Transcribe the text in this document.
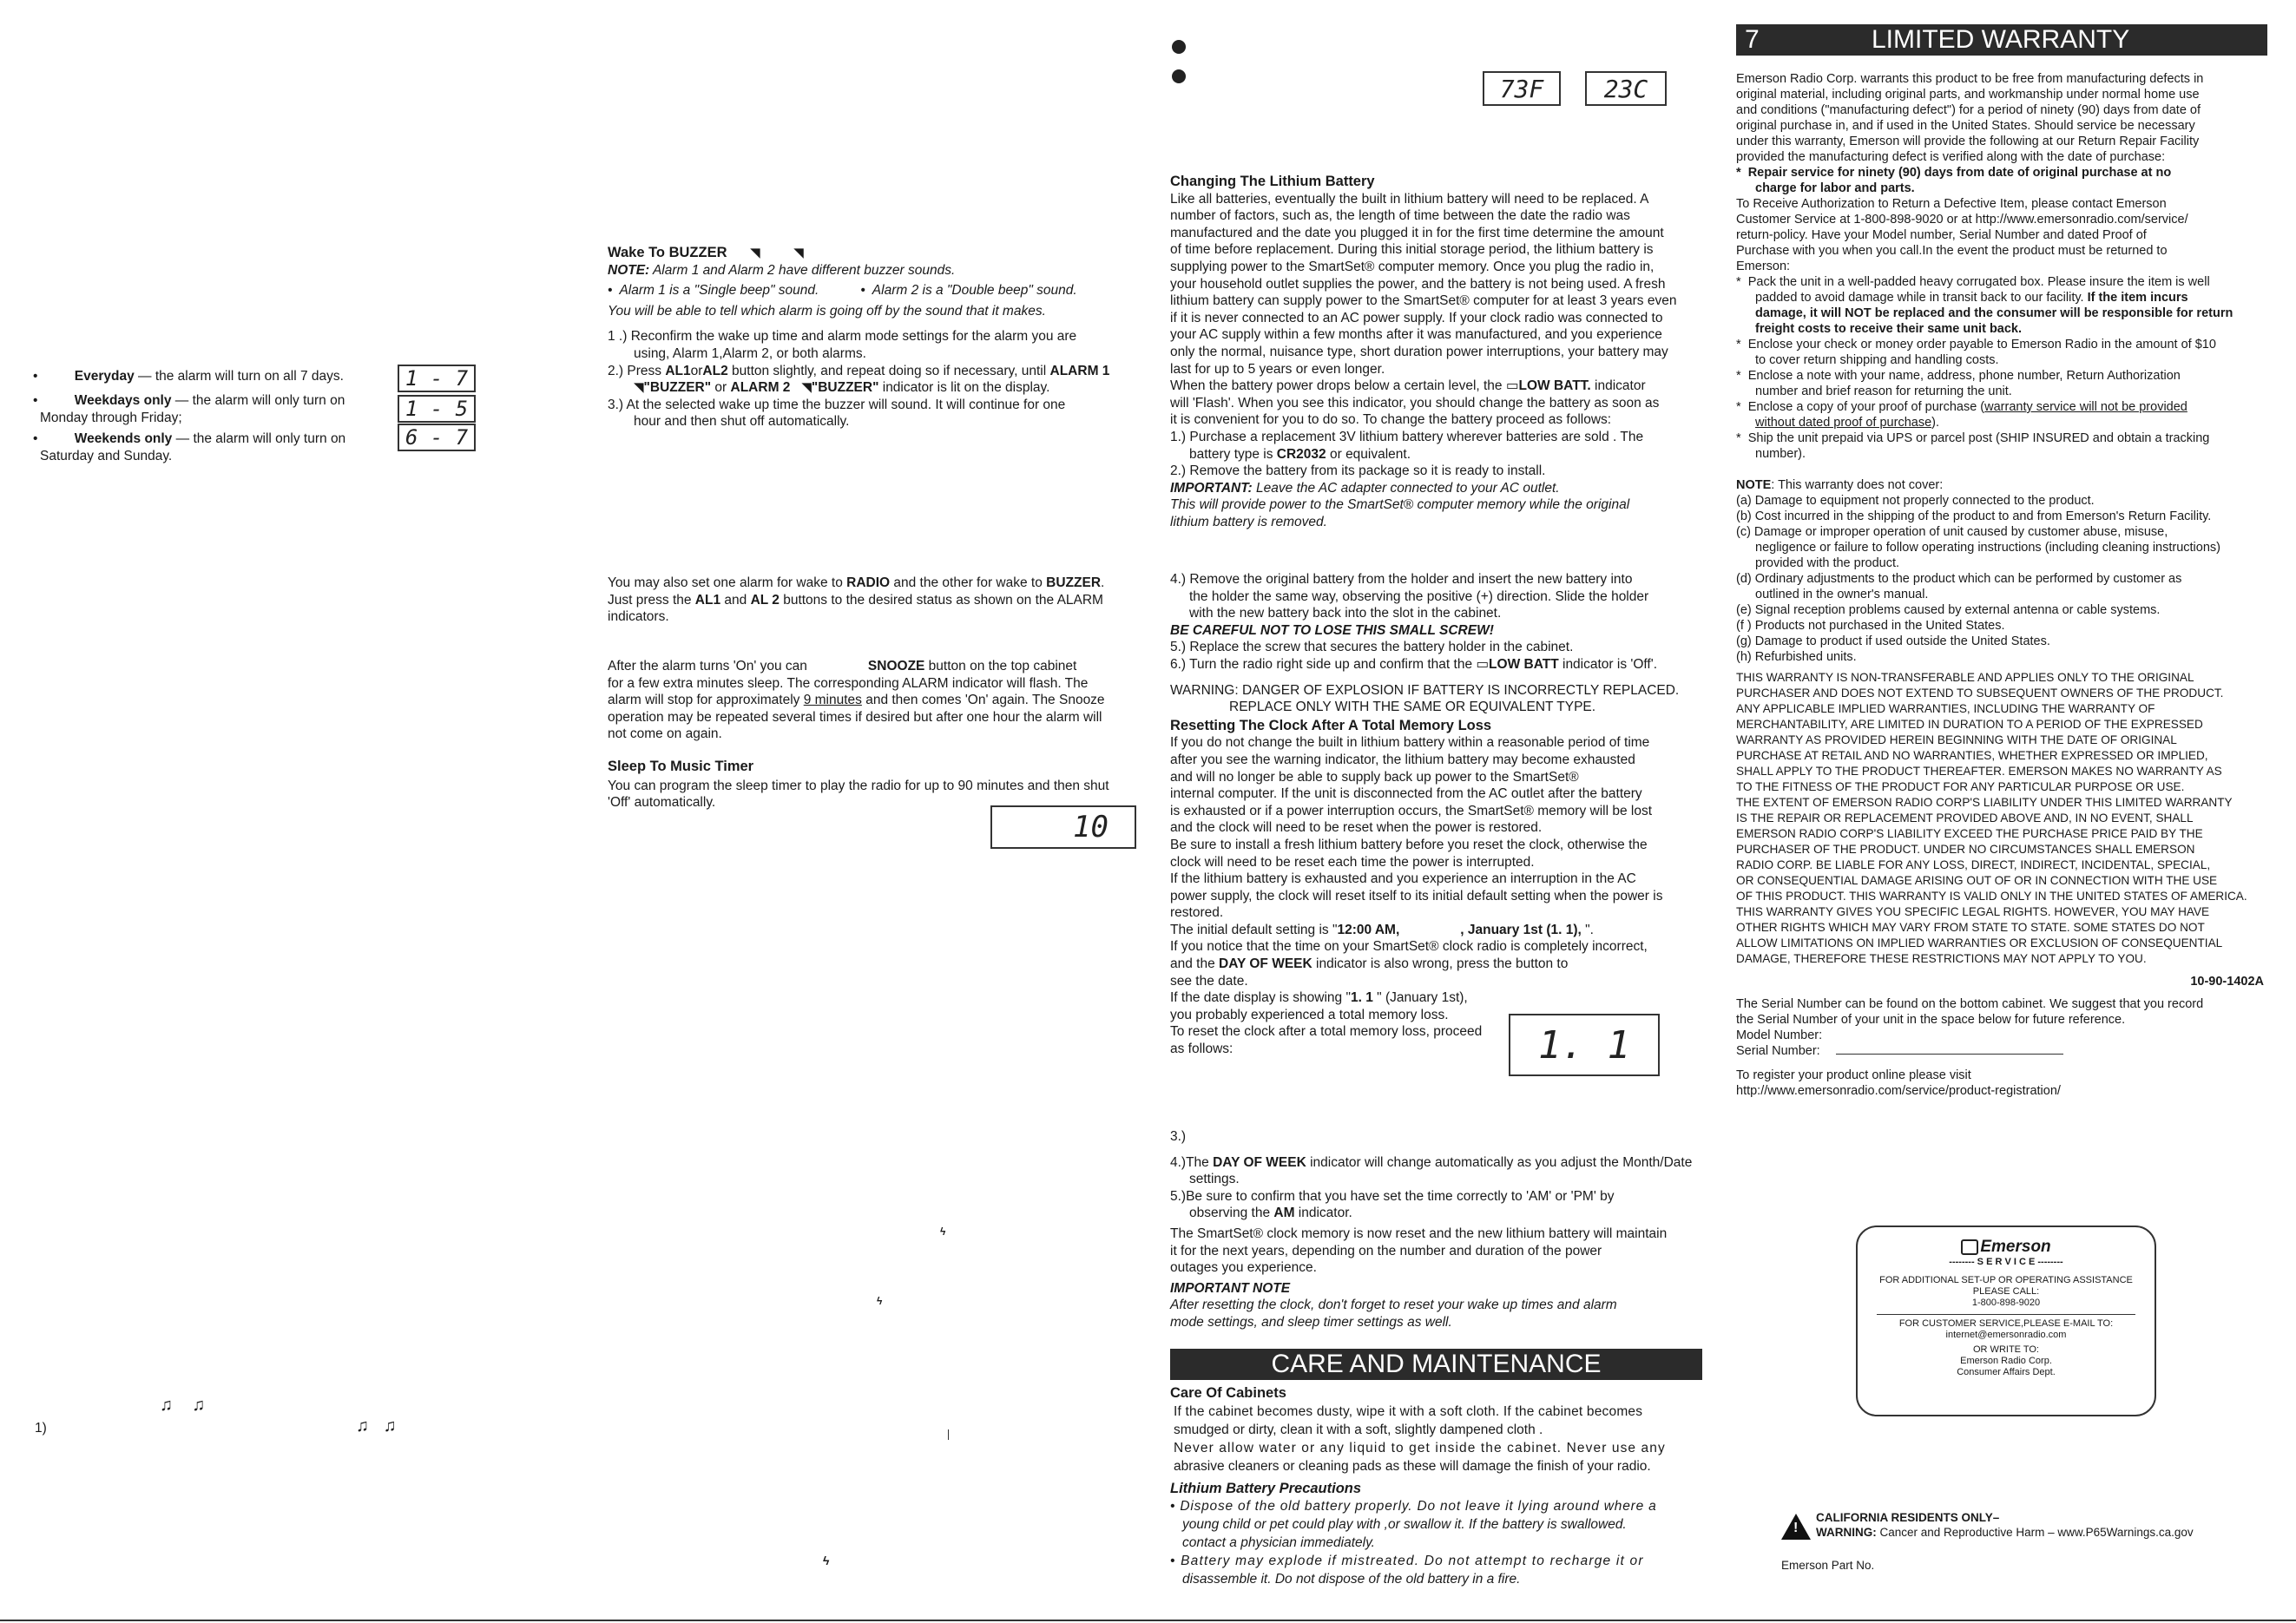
•	Everyday — the alarm will turn on all 7 days.
•	Weekdays only — the alarm will only turn on
Monday through Friday;
•	Weekends only — the alarm will only turn on
Saturday and Sunday.
♫    ♫
♫   ♫
1)
1 - 7
1 - 5
6 - 7

Wake To BUZZER ◥	◥

NOTE: Alarm 1 and Alarm 2 have different buzzer sounds.

•  Alarm 1 is a "Single beep" sound.	•  Alarm 2 is a "Double beep" sound.

You will be able to tell which alarm is going off by the sound that it makes.

1 .) Reconfirm the wake up time and alarm mode settings for the alarm you are

using, Alarm 1,Alarm 2, or both alarms.

2.) Press AL1orAL2 button slightly, and repeat doing so if necessary, until ALARM 1

◥"BUZZER" or ALARM 2 ◥"BUZZER" indicator is lit on the display.

3.) At the selected wake up time the buzzer will sound. It will continue for one

hour and then shut off automatically.

You may also set one alarm for wake to RADIO and the other for wake to BUZZER.

Just press the AL1 and AL 2 buttons to the desired status as shown on the ALARM

indicators.

After the alarm turns 'On' you can	SNOOZE button on the top cabinet

for a few extra minutes sleep. The corresponding ALARM indicator will flash. The

alarm will stop for approximately 9 minutes and then comes 'On' again. The Snooze

operation may be repeated several times if desired but after one hour the alarm will

not come on again.

Sleep To Music Timer

You can program the sleep timer to play the radio for up to 90 minutes and then shut

'Off' automatically.

10
ϟ
ϟ
ϟ
73F 23C

Changing The Lithium Battery

Like all batteries, eventually the built in lithium battery will need to be replaced. A

number of factors, such as, the length of time between the date the radio was

manufactured and the date you plugged it in for the first time determine the amount

of time before replacement. During this initial storage period, the lithium battery is

supplying power to the SmartSet® computer memory. Once you plug the radio in,

your household outlet supplies the power, and the battery is not being used. A fresh

lithium battery can supply power to the SmartSet® computer for at least 3 years even

if it is never connected to an AC power supply. If your clock radio was connected to

your AC supply within a few months after it was manufactured, and you experience

only the normal, nuisance type, short duration power interruptions, your battery may

last for up to 5 years or even longer.

When the battery power drops below a certain level, the ▭LOW BATT. indicator

will 'Flash'. When you see this indicator, you should change the battery as soon as

it is convenient for you to do so. To change the battery proceed as follows:

1.) Purchase a replacement 3V lithium battery wherever batteries are sold . The

battery type is CR2032 or equivalent.

2.) Remove the battery from its package so it is ready to install.

IMPORTANT: Leave the AC adapter connected to your AC outlet.

This will provide power to the SmartSet® computer memory while the original

lithium battery is removed.

4.) Remove the original battery from the holder and insert the new battery into

the holder the same way, observing the positive (+) direction. Slide the holder

with the new battery back into the slot in the cabinet.

BE CAREFUL NOT TO LOSE THIS SMALL SCREW!

5.) Replace the screw that secures the battery holder in the cabinet.

6.) Turn the radio right side up and confirm that the ▭LOW BATT indicator is 'Off'.

WARNING: DANGER OF EXPLOSION IF BATTERY IS INCORRECTLY REPLACED.

REPLACE ONLY WITH THE SAME OR EQUIVALENT TYPE.

Resetting The Clock After A Total Memory Loss

If you do not change the built in lithium battery within a reasonable period of time

after you see the warning indicator, the lithium battery may become exhausted

and will no longer be able to supply back up power to the SmartSet®

internal computer. If the unit is disconnected from the AC outlet after the battery

is exhausted or if a power interruption occurs, the SmartSet® memory will be lost

and the clock will need to be reset when the power is restored.

Be sure to install a fresh lithium battery before you reset the clock, otherwise the

clock will need to be reset each time the power is interrupted.

If the lithium battery is exhausted and you experience an interruption in the AC

power supply, the clock will reset itself to its initial default setting when the power is

restored.

The initial default setting is "12:00 AM,	, January 1st (1. 1), ".

If you notice that the time on your SmartSet® clock radio is completely incorrect,

and the DAY OF WEEK indicator is also wrong, press the button to

see the date.

If the date display is showing "1. 1 " (January 1st),

you probably experienced a total memory loss.

To reset the clock after a total memory loss, proceed

as follows:

3.)

4.)The DAY OF WEEK indicator will change automatically as you adjust the Month/Date

settings.

5.)Be sure to confirm that you have set the time correctly to 'AM' or 'PM' by

observing the AM indicator.

The SmartSet® clock memory is now reset and the new lithium battery will maintain

it for the next years, depending on the number and duration of the power

outages you experience.

IMPORTANT NOTE

After resetting the clock, don't forget to reset your wake up times and alarm

mode settings, and sleep timer settings as well.

CARE AND MAINTENANCE

Care Of Cabinets

If the cabinet becomes dusty, wipe it with a soft cloth. If the cabinet becomes

smudged or dirty, clean it with a soft, slightly dampened cloth .

Never allow water or any liquid to get inside the cabinet. Never use any

abrasive cleaners or cleaning pads as these will damage the finish of your radio.

Lithium Battery Precautions

• Dispose of the old battery properly. Do not leave it lying around where a

young child or pet could play with ,or swallow it. If the battery is swallowed.

contact a physician immediately.

• Battery may explode if mistreated. Do not attempt to recharge it or

disassemble it. Do not dispose of the old battery in a fire.

1. 1
7	LIMITED WARRANTY

Emerson Radio Corp. warrants this product to be free from manufacturing defects in

original material, including original parts, and workmanship under normal home use

and conditions ("manufacturing defect") for a period of ninety (90) days from date of

original purchase in, and if used in the United States. Should service be necessary

under this warranty, Emerson will provide the following at our Return Repair Facility

provided the manufacturing defect is verified along with the date of purchase:

*  Repair service for ninety (90) days from date of original purchase at no

charge for labor and parts.

To Receive Authorization to Return a Defective Item, please contact Emerson

Customer Service at 1-800-898-9020 or at http://www.emersonradio.com/service/

return-policy. Have your Model number, Serial Number and dated Proof of

Purchase with you when you call.In the event the product must be returned to

Emerson:

*  Pack the unit in a well-padded heavy corrugated box. Please insure the item is well

padded to avoid damage while in transit back to our facility. If the item incurs

damage, it will NOT be replaced and the consumer will be responsible for return

freight costs to receive their same unit back.

*  Enclose your check or money order payable to Emerson Radio in the amount of $10

to cover return shipping and handling costs.

*  Enclose a note with your name, address, phone number, Return Authorization

number and brief reason for returning the unit.

*  Enclose a copy of your proof of purchase (warranty service will not be provided

without dated proof of purchase).

*  Ship the unit prepaid via UPS or parcel post (SHIP INSURED and obtain a tracking

number).

NOTE: This warranty does not cover:

(a) Damage to equipment not properly connected to the product.

(b) Cost incurred in the shipping of the product to and from Emerson's Return Facility.

(c) Damage or improper operation of unit caused by customer abuse, misuse,

negligence or failure to follow operating instructions (including cleaning instructions)

provided with the product.

(d) Ordinary adjustments to the product which can be performed by customer as

outlined in the owner's manual.

(e) Signal reception problems caused by external antenna or cable systems.

(f ) Products not purchased in the United States.

(g) Damage to product if used outside the United States.

(h) Refurbished units.

THIS WARRANTY IS NON-TRANSFERABLE AND APPLIES ONLY TO THE ORIGINAL

PURCHASER AND DOES NOT EXTEND TO SUBSEQUENT OWNERS OF THE PRODUCT.

ANY APPLICABLE IMPLIED WARRANTIES, INCLUDING THE WARRANTY OF

MERCHANTABILITY, ARE LIMITED IN DURATION TO A PERIOD OF THE EXPRESSED

WARRANTY AS PROVIDED HEREIN BEGINNING WITH THE DATE OF ORIGINAL

PURCHASE AT RETAIL AND NO WARRANTIES, WHETHER EXPRESSED OR IMPLIED,

SHALL APPLY TO THE PRODUCT THEREAFTER. EMERSON MAKES NO WARRANTY AS

TO THE FITNESS OF THE PRODUCT FOR ANY PARTICULAR PURPOSE OR USE.

THE EXTENT OF EMERSON RADIO CORP'S LIABILITY UNDER THIS LIMITED WARRANTY

IS THE REPAIR OR REPLACEMENT PROVIDED ABOVE AND, IN NO EVENT, SHALL

EMERSON RADIO CORP'S LIABILITY EXCEED THE PURCHASE PRICE PAID BY THE

PURCHASER OF THE PRODUCT. UNDER NO CIRCUMSTANCES SHALL EMERSON

RADIO CORP. BE LIABLE FOR ANY LOSS, DIRECT, INDIRECT, INCIDENTAL, SPECIAL,

OR CONSEQUENTIAL DAMAGE ARISING OUT OF OR IN CONNECTION WITH THE USE

OF THIS PRODUCT. THIS WARRANTY IS VALID ONLY IN THE UNITED STATES OF AMERICA.

THIS WARRANTY GIVES YOU SPECIFIC LEGAL RIGHTS. HOWEVER, YOU MAY HAVE

OTHER RIGHTS WHICH MAY VARY FROM STATE TO STATE. SOME STATES DO NOT

ALLOW LIMITATIONS ON IMPLIED WARRANTIES OR EXCLUSION OF CONSEQUENTIAL

DAMAGE, THEREFORE THESE RESTRICTIONS MAY NOT APPLY TO YOU.

10-90-1402A

The Serial Number can be found on the bottom cabinet. We suggest that you record

the Serial Number of your unit in the space below for future reference.

Model Number:

Serial Number:

To register your product online please visit

http://www.emersonradio.com/service/product-registration/

Emerson
-------- S E R V I C E --------
FOR ADDITIONAL SET-UP OR OPERATING ASSISTANCE
PLEASE CALL:
1-800-898-9020
FOR CUSTOMER SERVICE,PLEASE E-MAIL TO:
internet@emersonradio.com
OR WRITE TO:
Emerson Radio Corp.
Consumer Affairs Dept.
!
CALIFORNIA RESIDENTS ONLY–
WARNING: Cancer and Reproductive Harm – www.P65Warnings.ca.gov
Emerson Part No.
